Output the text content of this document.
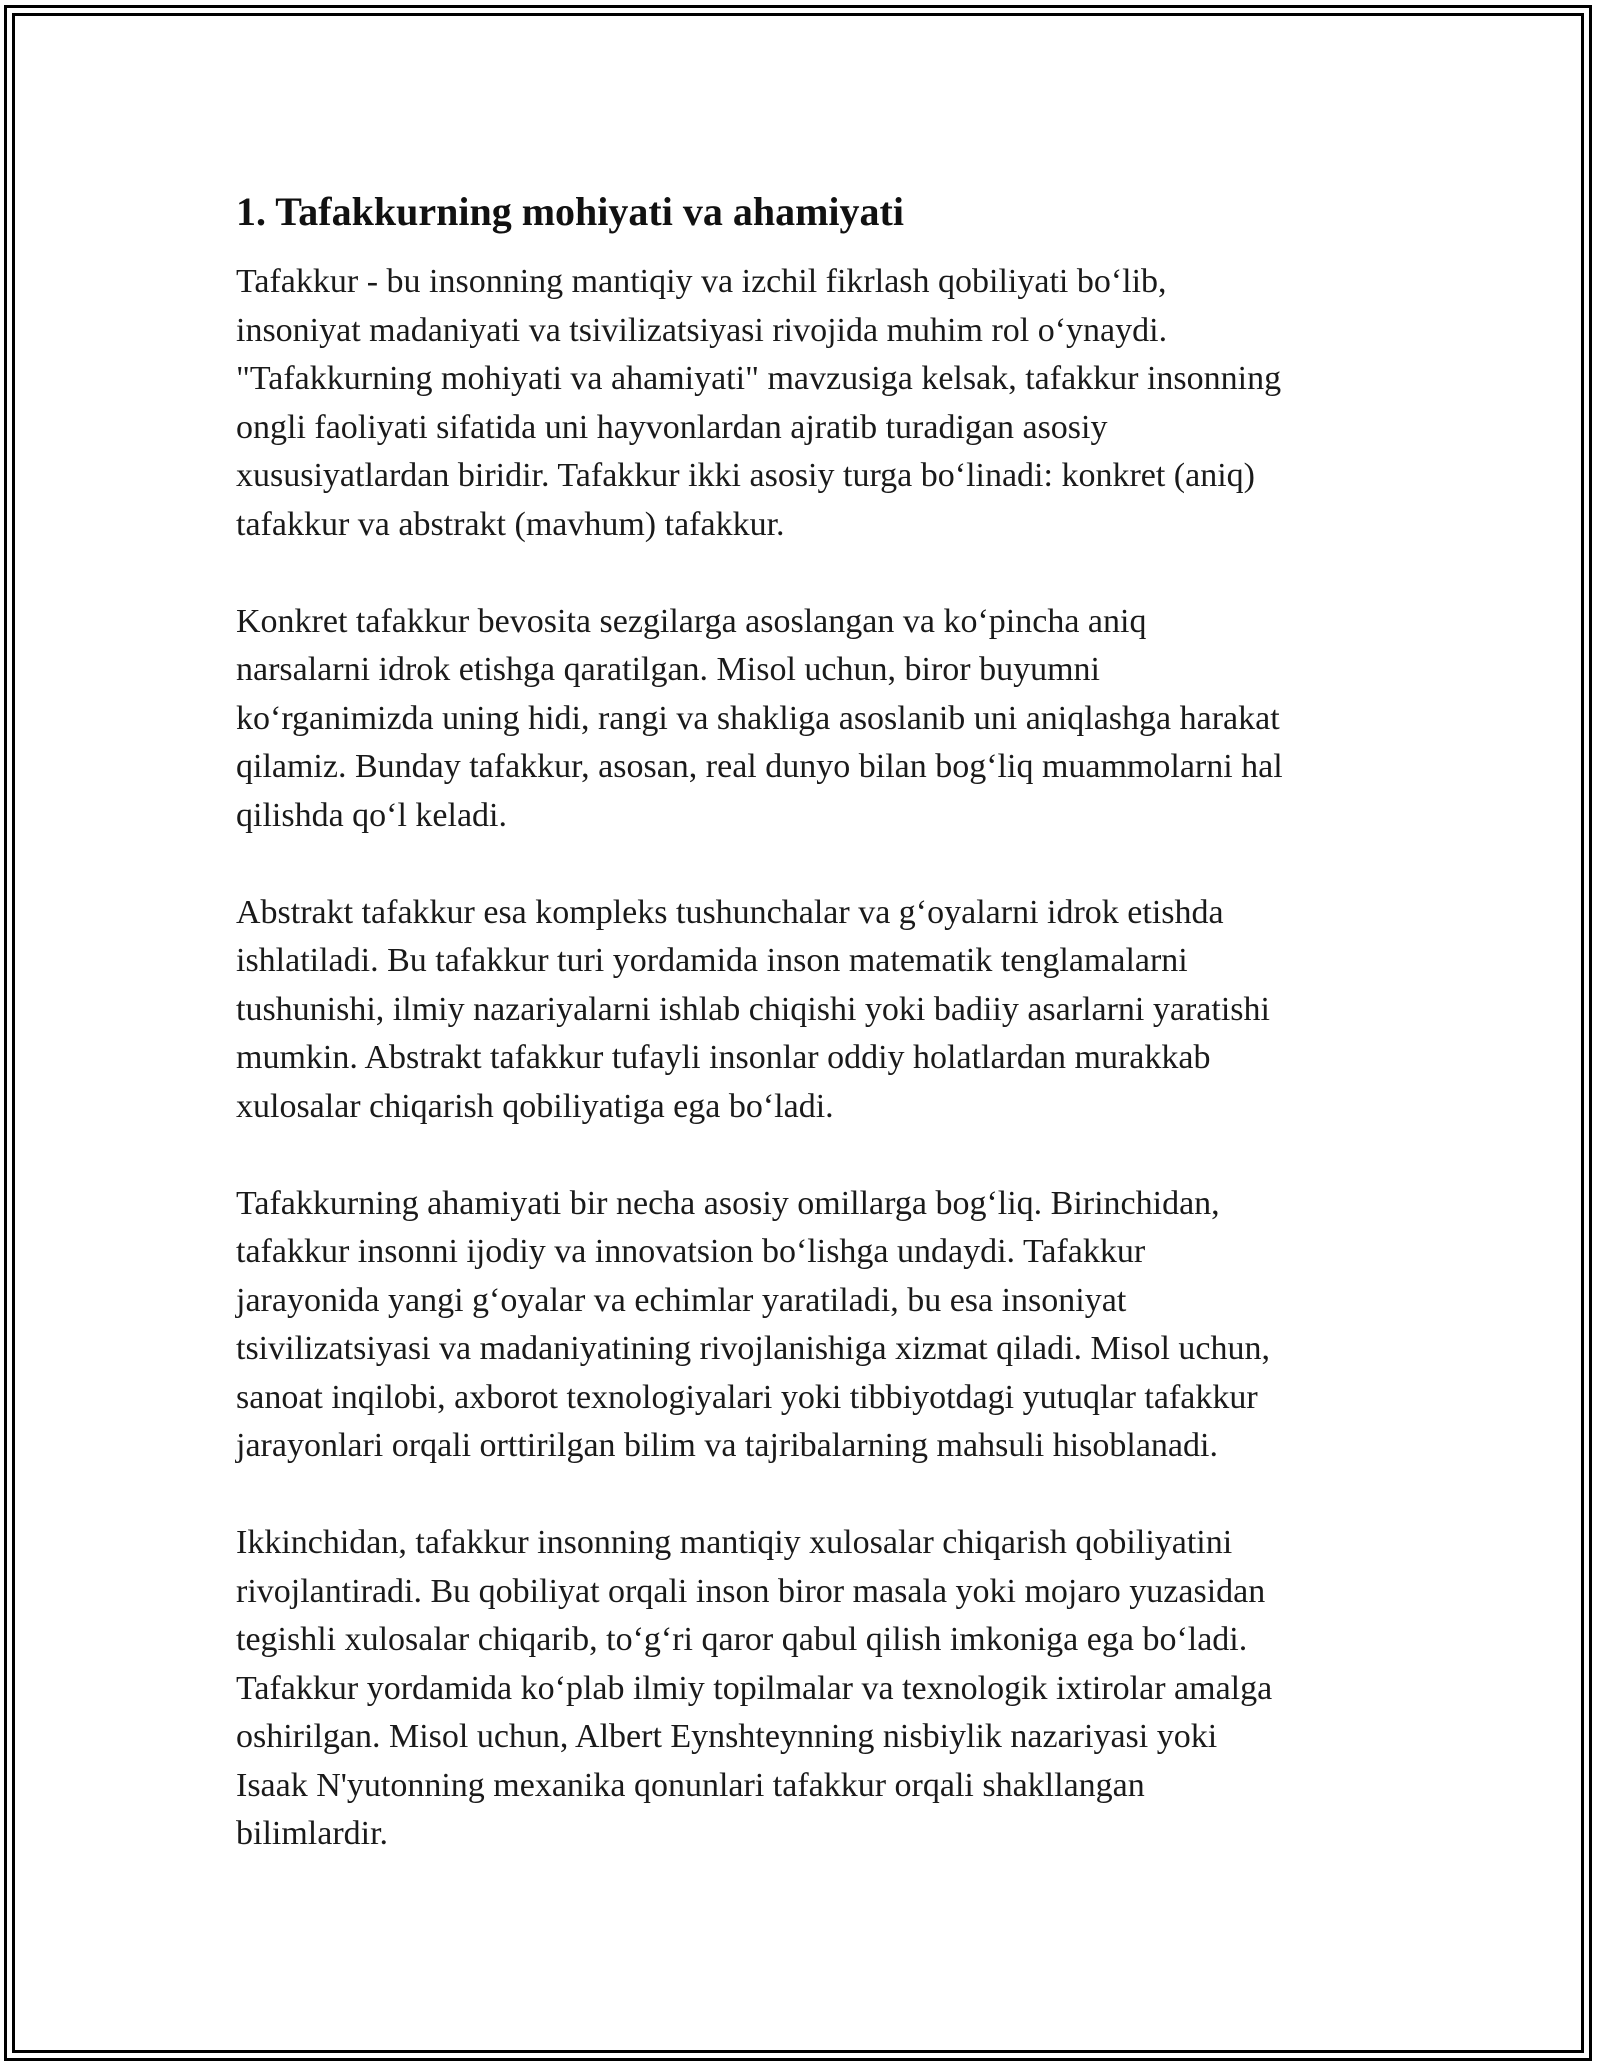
1. Tafakkurning mohiyati va ahamiyati

Tafakkur - bu insonning mantiqiy va izchil fikrlash qobiliyati boʻlib,
insoniyat madaniyati va tsivilizatsiyasi rivojida muhim rol oʻynaydi.
"Tafakkurning mohiyati va ahamiyati" mavzusiga kelsak, tafakkur insonning
ongli faoliyati sifatida uni hayvonlardan ajratib turadigan asosiy
xususiyatlardan biridir. Tafakkur ikki asosiy turga boʻlinadi: konkret (aniq)
tafakkur va abstrakt (mavhum) tafakkur.

Konkret tafakkur bevosita sezgilarga asoslangan va koʻpincha aniq
narsalarni idrok etishga qaratilgan. Misol uchun, biror buyumni
koʻrganimizda uning hidi, rangi va shakliga asoslanib uni aniqlashga harakat
qilamiz. Bunday tafakkur, asosan, real dunyo bilan bogʻliq muammolarni hal
qilishda qoʻl keladi.

Abstrakt tafakkur esa kompleks tushunchalar va gʻoyalarni idrok etishda
ishlatiladi. Bu tafakkur turi yordamida inson matematik tenglamalarni
tushunishi, ilmiy nazariyalarni ishlab chiqishi yoki badiiy asarlarni yaratishi
mumkin. Abstrakt tafakkur tufayli insonlar oddiy holatlardan murakkab
xulosalar chiqarish qobiliyatiga ega boʻladi.

Tafakkurning ahamiyati bir necha asosiy omillarga bogʻliq. Birinchidan,
tafakkur insonni ijodiy va innovatsion boʻlishga undaydi. Tafakkur
jarayonida yangi gʻoyalar va echimlar yaratiladi, bu esa insoniyat
tsivilizatsiyasi va madaniyatining rivojlanishiga xizmat qiladi. Misol uchun,
sanoat inqilobi, axborot texnologiyalari yoki tibbiyotdagi yutuqlar tafakkur
jarayonlari orqali orttirilgan bilim va tajribalarning mahsuli hisoblanadi.

Ikkinchidan, tafakkur insonning mantiqiy xulosalar chiqarish qobiliyatini
rivojlantiradi. Bu qobiliyat orqali inson biror masala yoki mojaro yuzasidan
tegishli xulosalar chiqarib, toʻgʻri qaror qabul qilish imkoniga ega boʻladi.
Tafakkur yordamida koʻplab ilmiy topilmalar va texnologik ixtirolar amalga
oshirilgan. Misol uchun, Albert Eynshteynning nisbiylik nazariyasi yoki
Isaak N'yutonning mexanika qonunlari tafakkur orqali shakllangan
bilimlardir.
